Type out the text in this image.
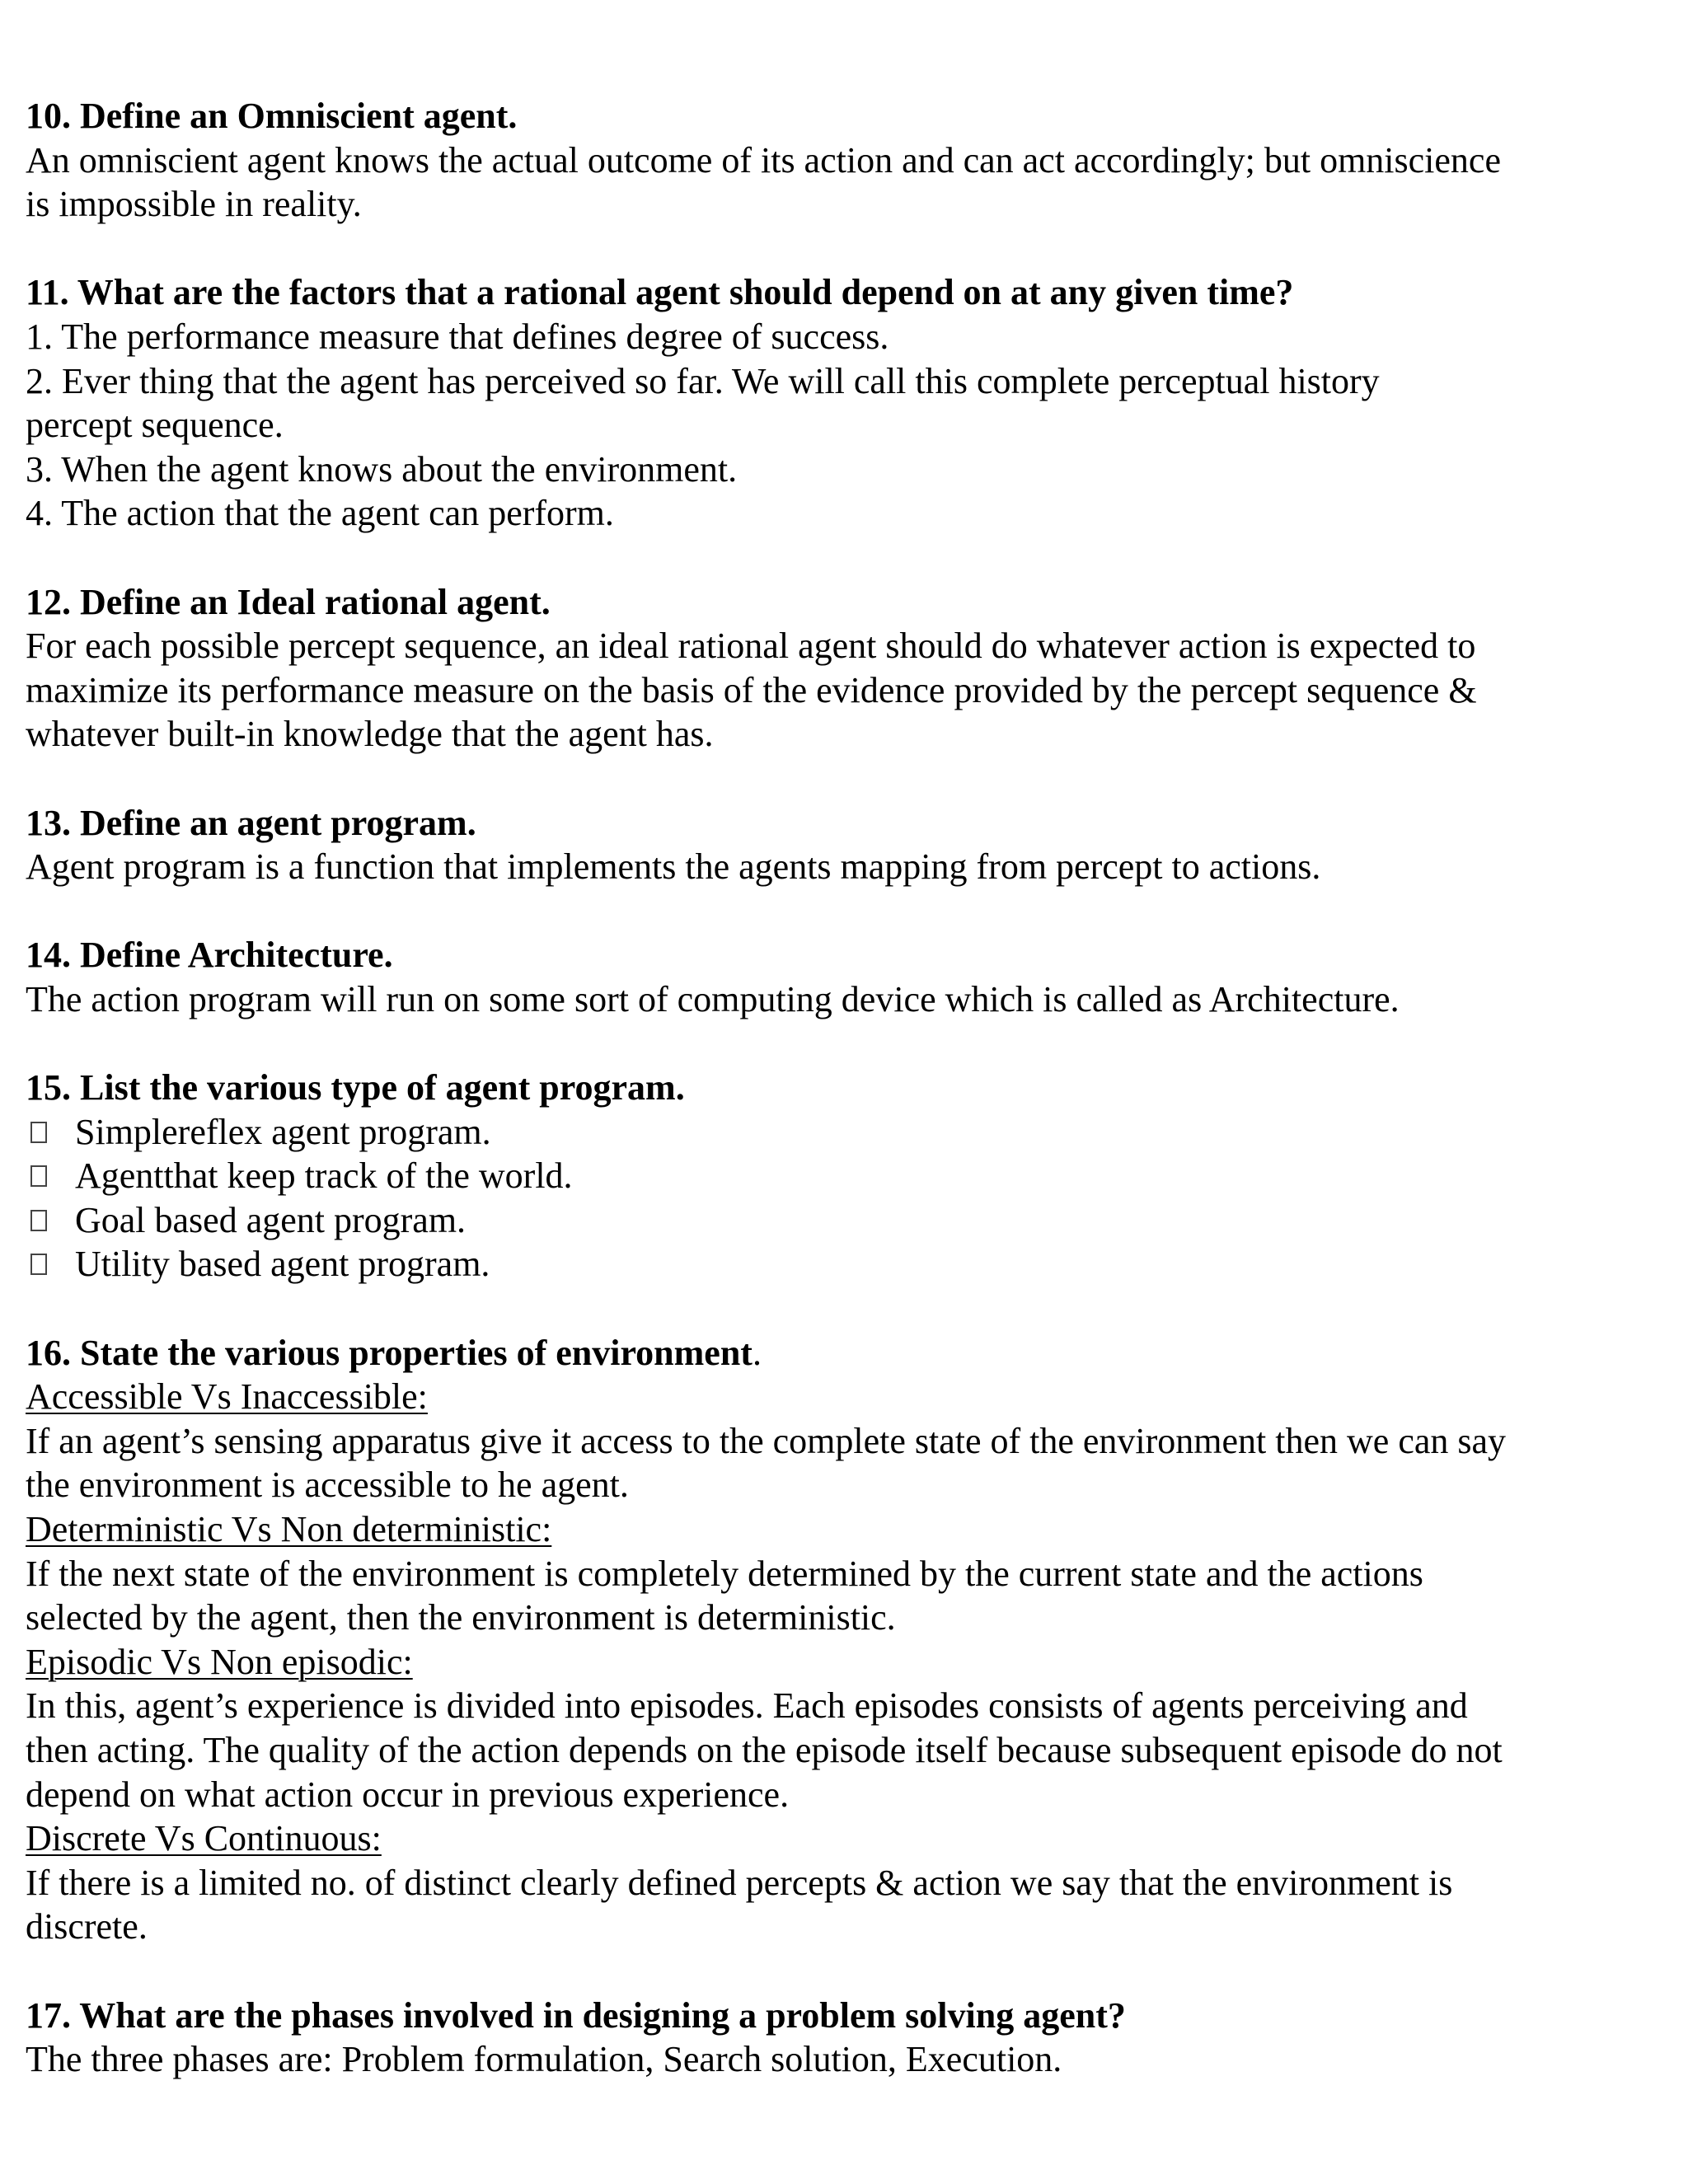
10. Define an Omniscient agent.
An omniscient agent knows the actual outcome of its action and can act accordingly; but omniscience
is impossible in reality.
11. What are the factors that a rational agent should depend on at any given time?
1. The performance measure that defines degree of success.
2. Ever thing that the agent has perceived so far. We will call this complete perceptual history
percept sequence.
3. When the agent knows about the environment.
4. The action that the agent can perform.
12. Define an Ideal rational agent.
For each possible percept sequence, an ideal rational agent should do whatever action is expected to
maximize its performance measure on the basis of the evidence provided by the percept sequence &
whatever built-in knowledge that the agent has.
13. Define an agent program.
Agent program is a function that implements the agents mapping from percept to actions.
14. Define Architecture.
The action program will run on some sort of computing device which is called as Architecture.
15. List the various type of agent program.
Simplereflex agent program.
Agentthat keep track of the world.
Goal based agent program.
Utility based agent program.
16. State the various properties of environment.
Accessible Vs Inaccessible:
If an agent’s sensing apparatus give it access to the complete state of the environment then we can say
the environment is accessible to he agent.
Deterministic Vs Non deterministic:
If the next state of the environment is completely determined by the current state and the actions
selected by the agent, then the environment is deterministic.
Episodic Vs Non episodic:
In this, agent’s experience is divided into episodes. Each episodes consists of agents perceiving and
then acting. The quality of the action depends on the episode itself because subsequent episode do not
depend on what action occur in previous experience.
Discrete Vs Continuous:
If there is a limited no. of distinct clearly defined percepts & action we say that the environment is
discrete.
17. What are the phases involved in designing a problem solving agent?
The three phases are: Problem formulation, Search solution, Execution.
